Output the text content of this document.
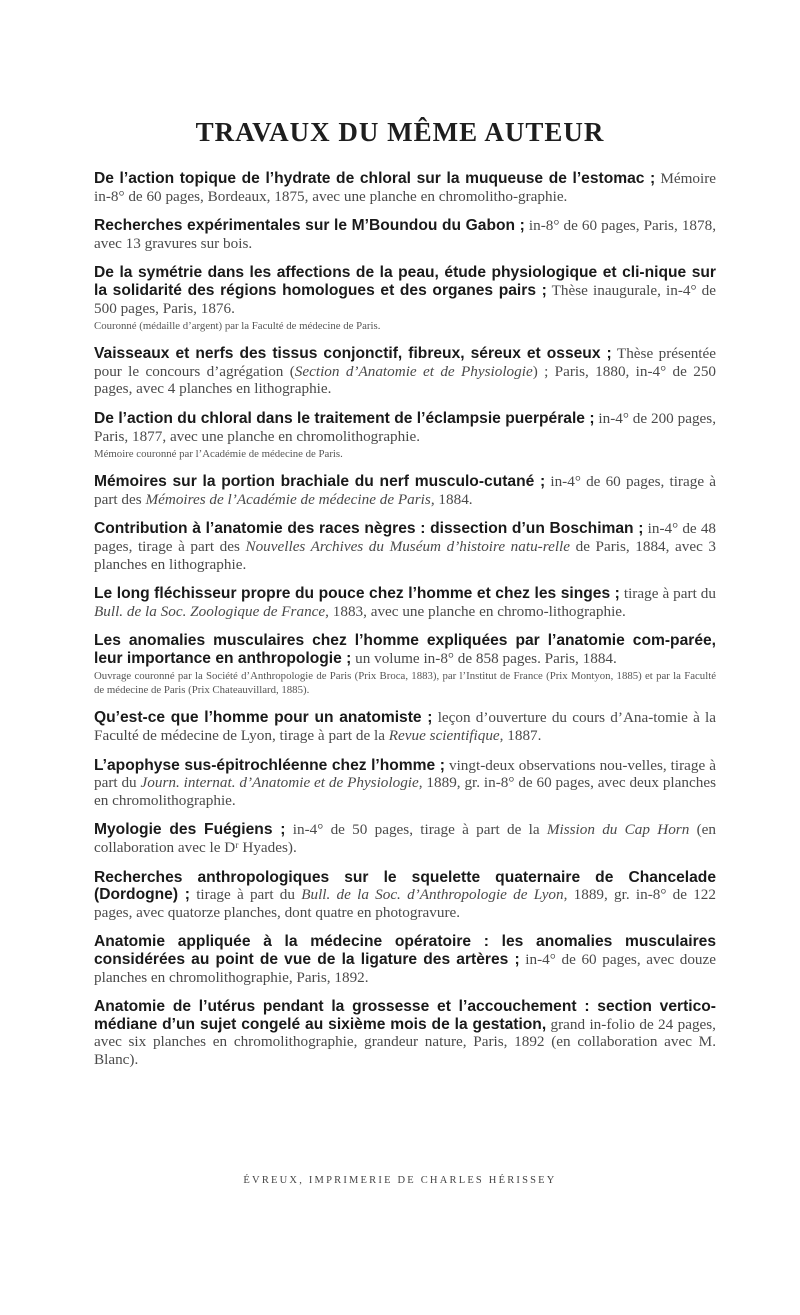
TRAVAUX DU MÊME AUTEUR

De l’action topique de l’hydrate de chloral sur la muqueuse de l’estomac ; Mémoire in-8° de 60 pages, Bordeaux, 1875, avec une planche en chromolitho-graphie.

Recherches expérimentales sur le M’Boundou du Gabon ; in-8° de 60 pages, Paris, 1878, avec 13 gravures sur bois.

De la symétrie dans les affections de la peau, étude physiologique et cli-nique sur la solidarité des régions homologues et des organes pairs ; Thèse inaugurale, in-4° de 500 pages, Paris, 1876.

Couronné (médaille d’argent) par la Faculté de médecine de Paris.

Vaisseaux et nerfs des tissus conjonctif, fibreux, séreux et osseux ; Thèse présentée pour le concours d’agrégation (Section d’Anatomie et de Physiologie) ; Paris, 1880, in-4° de 250 pages, avec 4 planches en lithographie.

De l’action du chloral dans le traitement de l’éclampsie puerpérale ; in-4° de 200 pages, Paris, 1877, avec une planche en chromolithographie.

Mémoire couronné par l’Académie de médecine de Paris.

Mémoires sur la portion brachiale du nerf musculo-cutané ; in-4° de 60 pages, tirage à part des Mémoires de l’Académie de médecine de Paris, 1884.

Contribution à l’anatomie des races nègres : dissection d’un Boschiman ; in-4° de 48 pages, tirage à part des Nouvelles Archives du Muséum d’histoire natu-relle de Paris, 1884, avec 3 planches en lithographie.

Le long fléchisseur propre du pouce chez l’homme et chez les singes ; tirage à part du Bull. de la Soc. Zoologique de France, 1883, avec une planche en chromo-lithographie.

Les anomalies musculaires chez l’homme expliquées par l’anatomie com-parée, leur importance en anthropologie ; un volume in-8° de 858 pages. Paris, 1884.

Ouvrage couronné par la Société d’Anthropologie de Paris (Prix Broca, 1883), par l’Institut de France (Prix Montyon, 1885) et par la Faculté de médecine de Paris (Prix Chateauvillard, 1885).

Qu’est-ce que l’homme pour un anatomiste ; leçon d’ouverture du cours d’Ana-tomie à la Faculté de médecine de Lyon, tirage à part de la Revue scientifique, 1887.

L’apophyse sus-épitrochléenne chez l’homme ; vingt-deux observations nou-velles, tirage à part du Journ. internat. d’Anatomie et de Physiologie, 1889, gr. in-8° de 60 pages, avec deux planches en chromolithographie.

Myologie des Fuégiens ; in-4° de 50 pages, tirage à part de la Mission du Cap Horn (en collaboration avec le Dʳ Hyades).

Recherches anthropologiques sur le squelette quaternaire de Chancelade (Dordogne) ; tirage à part du Bull. de la Soc. d’Anthropologie de Lyon, 1889, gr. in-8° de 122 pages, avec quatorze planches, dont quatre en photogravure.

Anatomie appliquée à la médecine opératoire : les anomalies musculaires considérées au point de vue de la ligature des artères ; in-4° de 60 pages, avec douze planches en chromolithographie, Paris, 1892.

Anatomie de l’utérus pendant la grossesse et l’accouchement : section vertico-médiane d’un sujet congelé au sixième mois de la gestation, grand in-folio de 24 pages, avec six planches en chromolithographie, grandeur nature, Paris, 1892 (en collaboration avec M. Blanc).

ÉVREUX, IMPRIMERIE DE CHARLES HÉRISSEY
